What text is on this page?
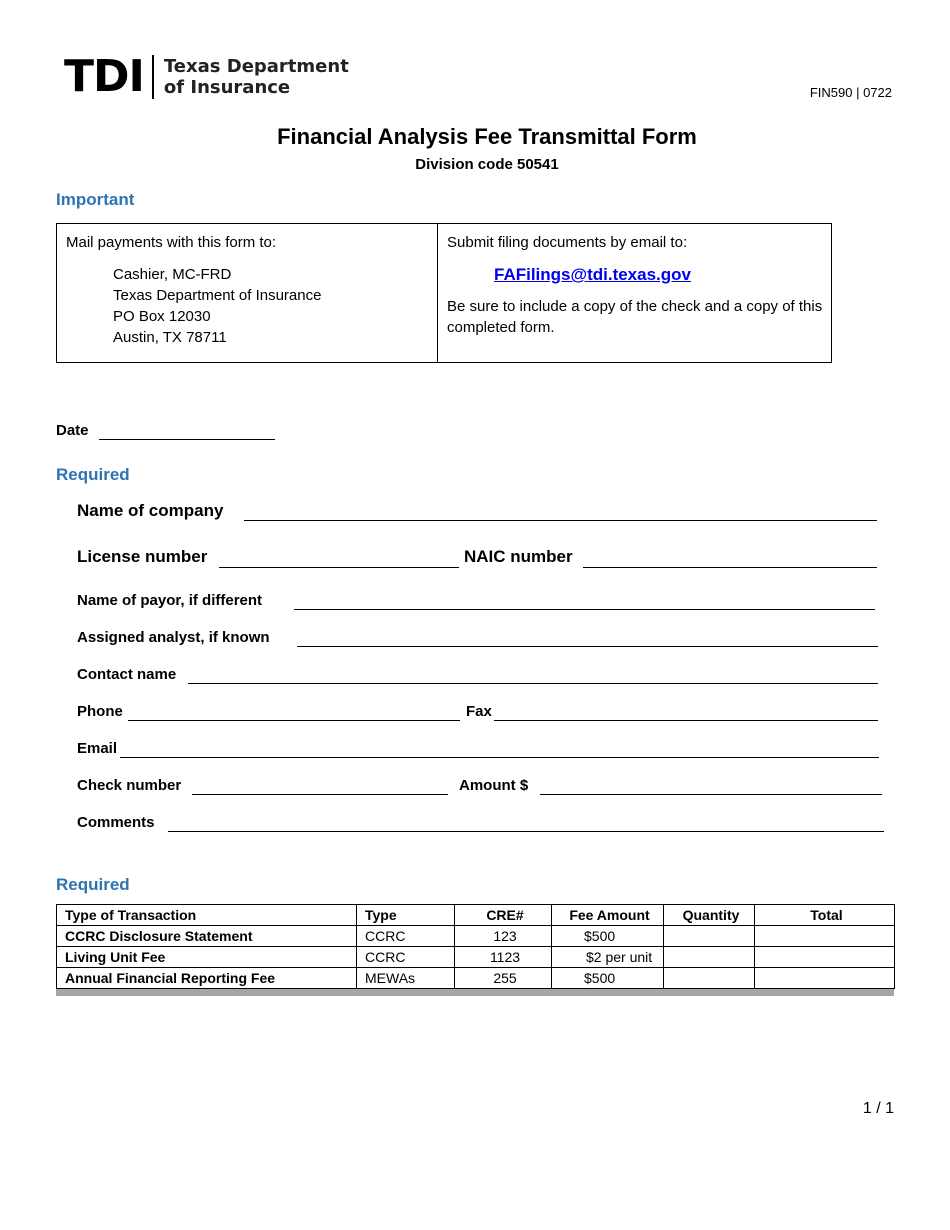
TDI Texas Department
of Insurance	FIN590 | 0722
Financial Analysis Fee Transmittal Form
Division code 50541
Important
Mail payments with this form to:
Cashier, MC-FRD
Texas Department of Insurance
PO Box 12030
Austin, TX 78711
Submit filing documents by email to:
FAFilings@tdi.texas.gov
Be sure to include a copy of the check and a copy of this completed form.
Date
Required
Name of company
License number	NAIC number
Name of payor, if different
Assigned analyst, if known
Contact name
Phone	Fax
Email
Check number	Amount $
Comments
Required
Type of Transaction	Type	CRE#	Fee Amount	Quantity	Total
CCRC Disclosure Statement	CCRC	123	$500		
Living Unit Fee	CCRC	1123	$2 per unit		
Annual Financial Reporting Fee	MEWAs	255	$500		
1 / 1
